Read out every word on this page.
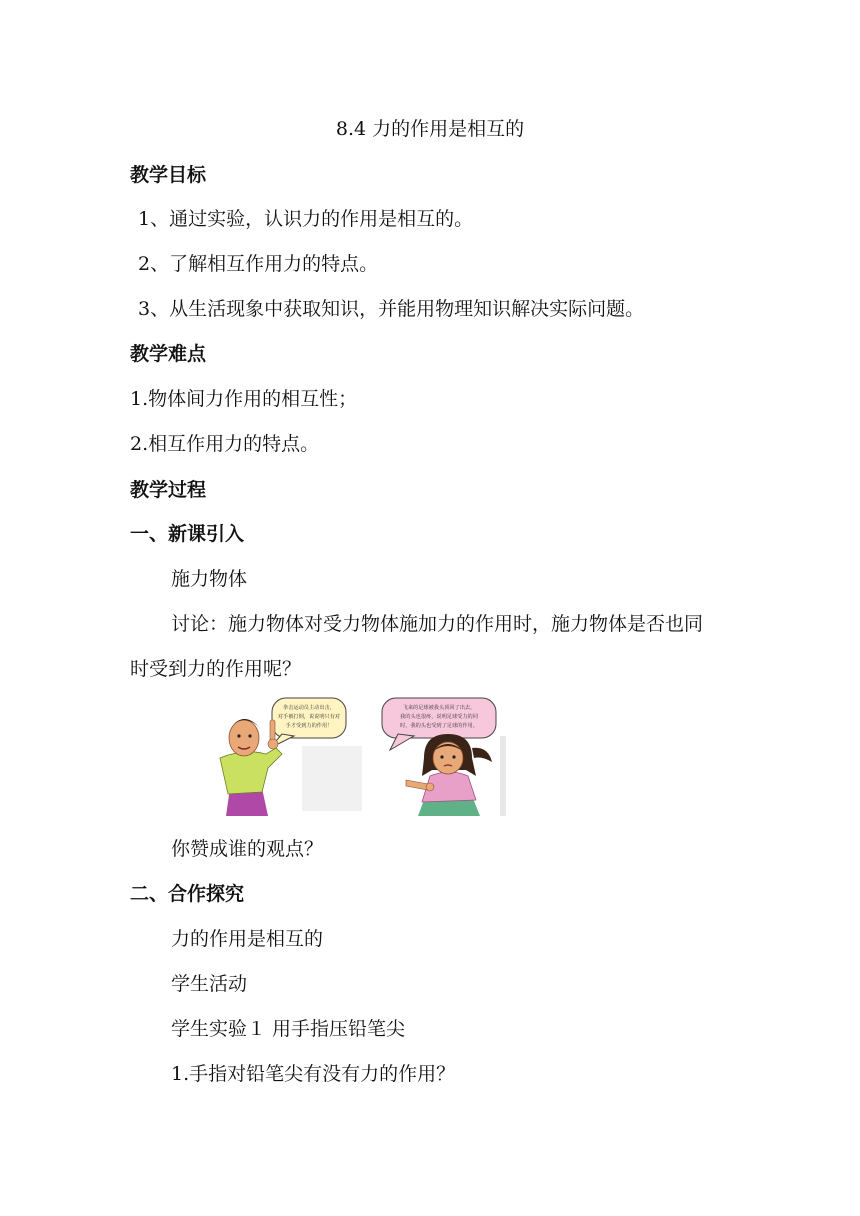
8.4 力的作用是相互的
教学目标
1、通过实验，认识力的作用是相互的。
2、了解相互作用力的特点。
3、从生活现象中获取知识，并能用物理知识解决实际问题。
教学难点
1.物体间力作用的相互性；
2.相互作用力的特点。
教学过程
一、新课引入
施力物体
讨论：施力物体对受力物体施加力的作用时，施力物体是否也同
时受到力的作用呢？
拳击运动员主动出击，
对手被打倒，说说明只有对
手才受到力的作用！
飞来的足球被我头顶回了出去，
我的头也很疼，说明足球受力的同
时，我的头也受到了足球的作用。
你赞成谁的观点？
二、合作探究
力的作用是相互的
学生活动
学生实验１ 用手指压铅笔尖
1.手指对铅笔尖有没有力的作用？
